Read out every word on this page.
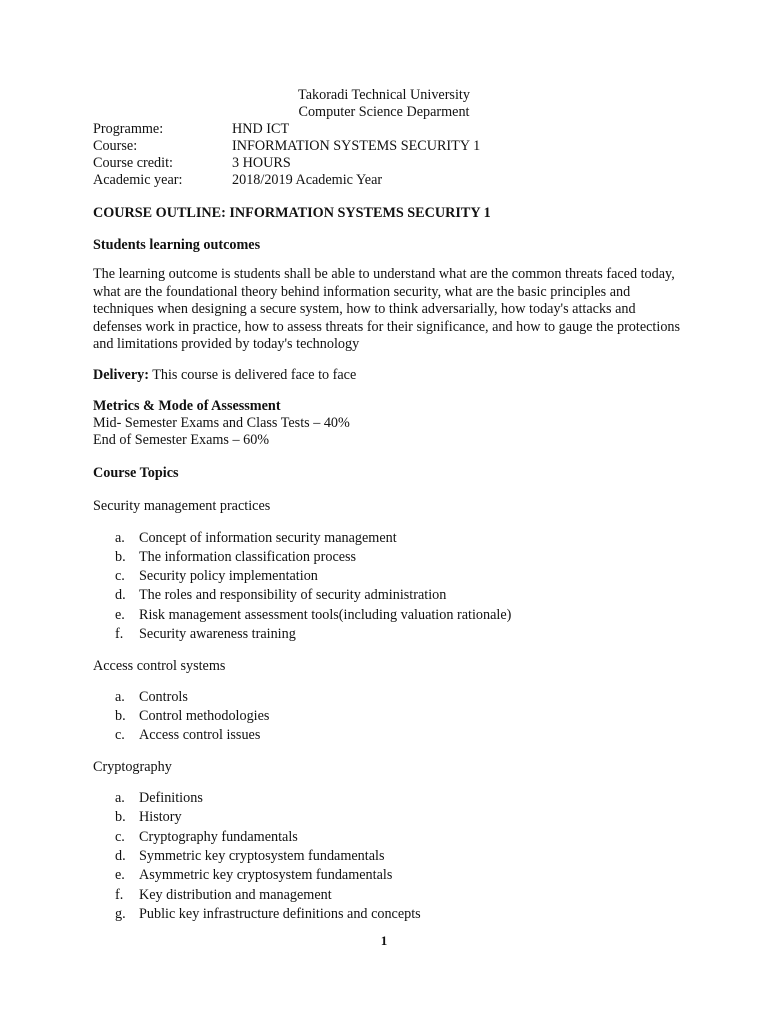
Takoradi Technical University
Computer Science Deparment
Programme:	HND ICT
Course:	INFORMATION SYSTEMS SECURITY 1
Course credit:	3 HOURS
Academic year:	2018/2019 Academic Year
COURSE OUTLINE: INFORMATION SYSTEMS SECURITY 1
Students learning outcomes
The learning outcome is students shall be able to understand what are the common threats faced today, what are the foundational theory behind information security, what are the basic principles and techniques when designing a secure system, how to think adversarially, how today's attacks and defenses work in practice, how to assess threats for their significance, and how to gauge the protections and limitations provided by today's technology
Delivery: This course is delivered face to face
Metrics & Mode of Assessment
Mid- Semester Exams and Class Tests – 40%
End of Semester Exams – 60%
Course Topics
Security management practices
a. Concept of information security management
b. The information classification process
c. Security policy implementation
d. The roles and responsibility of security administration
e. Risk management assessment tools(including valuation rationale)
f.	Security awareness training
Access control systems
a. Controls
b. Control methodologies
c. Access control issues
Cryptography
a. Definitions
b. History
c. Cryptography fundamentals
d. Symmetric key cryptosystem fundamentals
e. Asymmetric key cryptosystem fundamentals
f.	Key distribution and management
g. Public key infrastructure definitions and concepts
1
